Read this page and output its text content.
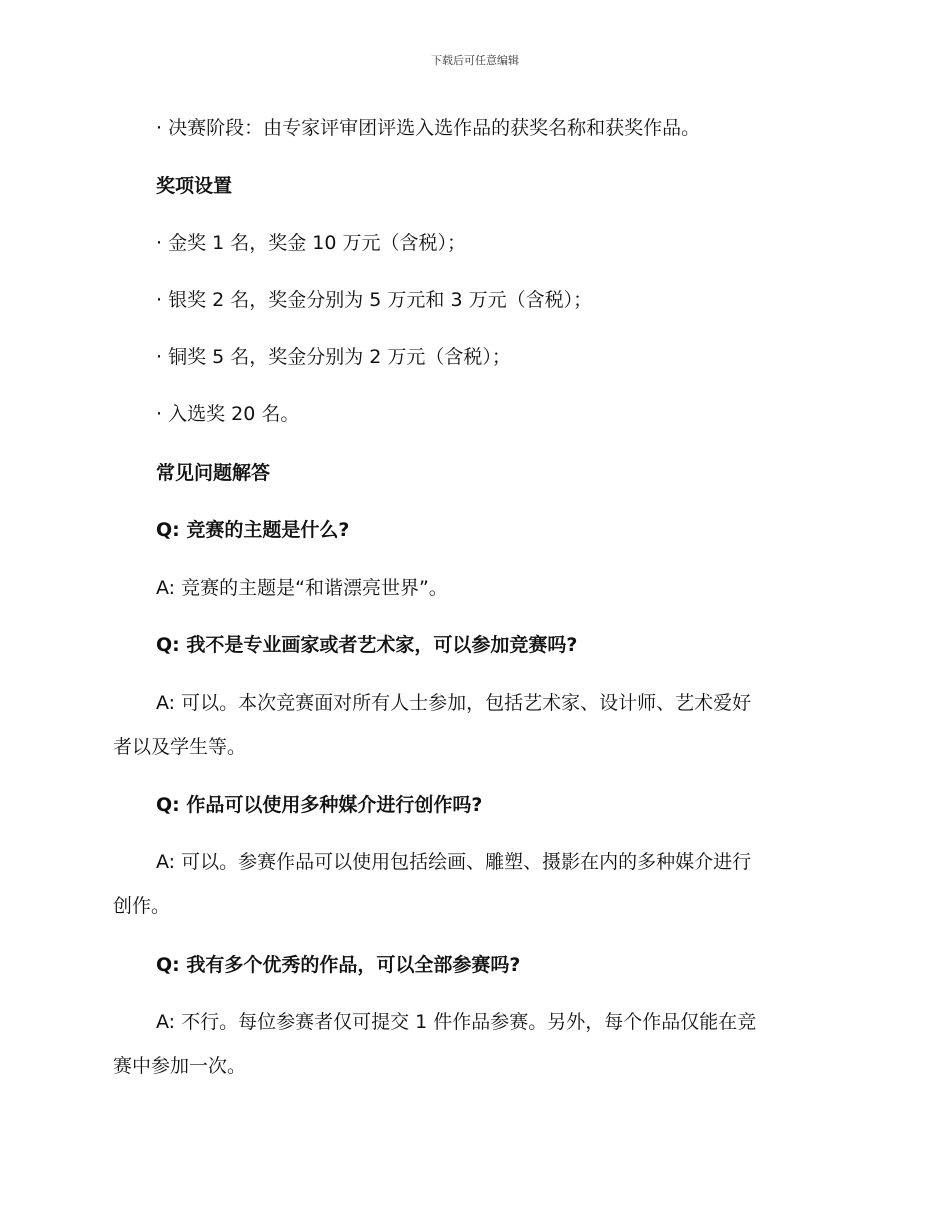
下载后可任意编辑
· 决赛阶段：由专家评审团评选入选作品的获奖名称和获奖作品。
奖项设置
· 金奖 1 名，奖金 10 万元（含税）；
· 银奖 2 名，奖金分别为 5 万元和 3 万元（含税）；
· 铜奖 5 名，奖金分别为 2 万元（含税）；
· 入选奖 20 名。
常见问题解答
Q: 竞赛的主题是什么?
A: 竞赛的主题是“和谐漂亮世界”。
Q: 我不是专业画家或者艺术家，可以参加竞赛吗?
A: 可以。本次竞赛面对所有人士参加，包括艺术家、设计师、艺术爱好
者以及学生等。
Q: 作品可以使用多种媒介进行创作吗?
A: 可以。参赛作品可以使用包括绘画、雕塑、摄影在内的多种媒介进行
创作。
Q: 我有多个优秀的作品，可以全部参赛吗?
A: 不行。每位参赛者仅可提交 1 件作品参赛。另外，每个作品仅能在竞
赛中参加一次。
